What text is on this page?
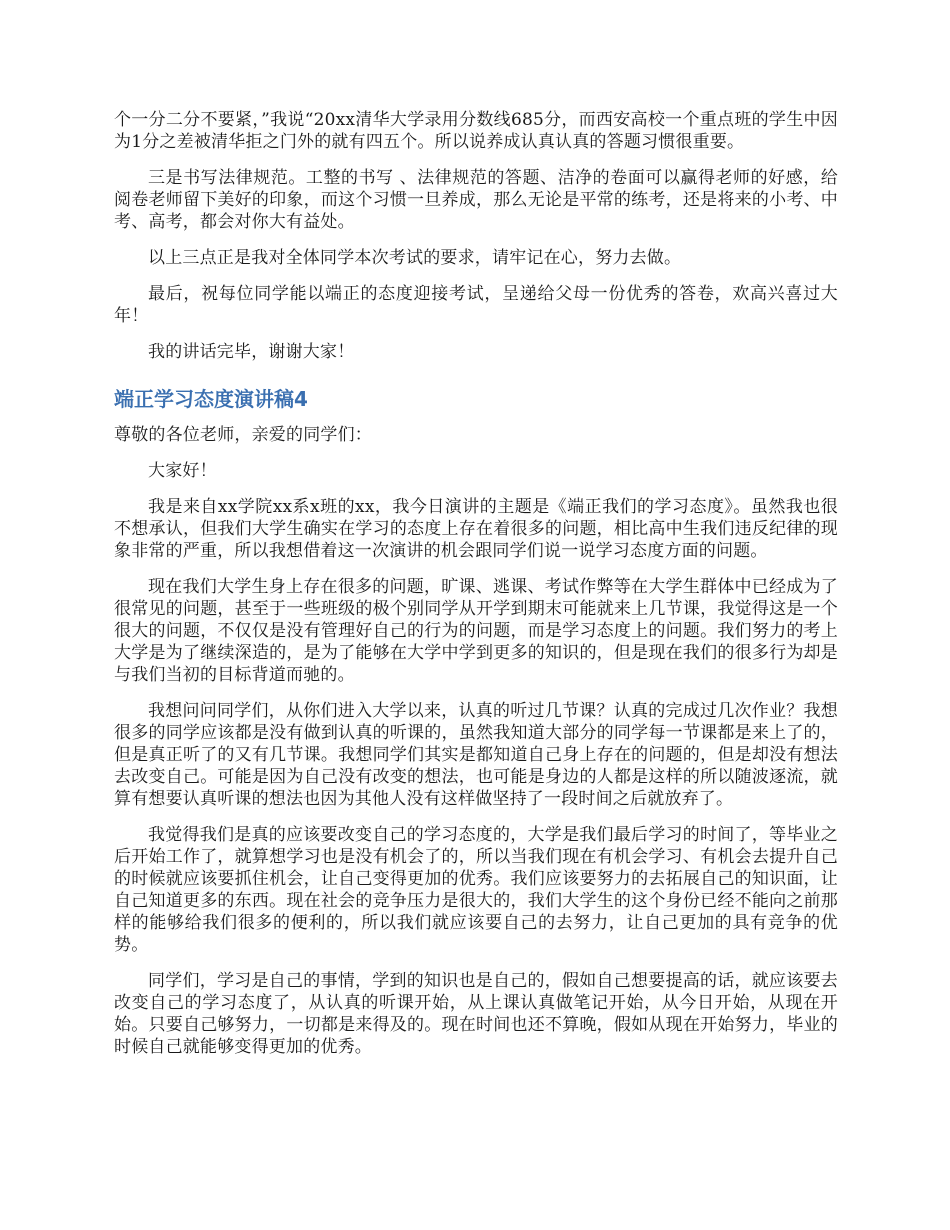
个一分二分不要紧，”我说“20xx清华大学录用分数线685分，而西安高校一个重点班的学生中因为1分之差被清华拒之门外的就有四五个。所以说养成认真认真的答题习惯很重要。

三是书写法律规范。工整的书写 、法律规范的答题、洁净的卷面可以赢得老师的好感，给阅卷老师留下美好的印象，而这个习惯一旦养成，那么无论是平常的练考，还是将来的小考、中考、高考，都会对你大有益处。

以上三点正是我对全体同学本次考试的要求，请牢记在心，努力去做。

最后，祝每位同学能以端正的态度迎接考试，呈递给父母一份优秀的答卷，欢高兴喜过大年！

我的讲话完毕，谢谢大家！

端正学习态度演讲稿4

尊敬的各位老师，亲爱的同学们：

大家好！

我是来自xx学院xx系x班的xx，我今日演讲的主题是《端正我们的学习态度》。虽然我也很不想承认，但我们大学生确实在学习的态度上存在着很多的问题，相比高中生我们违反纪律的现象非常的严重，所以我想借着这一次演讲的机会跟同学们说一说学习态度方面的问题。

现在我们大学生身上存在很多的问题，旷课、逃课、考试作弊等在大学生群体中已经成为了很常见的问题，甚至于一些班级的极个别同学从开学到期末可能就来上几节课，我觉得这是一个很大的问题，不仅仅是没有管理好自己的行为的问题，而是学习态度上的问题。我们努力的考上大学是为了继续深造的，是为了能够在大学中学到更多的知识的，但是现在我们的很多行为却是与我们当初的目标背道而驰的。

我想问问同学们，从你们进入大学以来，认真的听过几节课？认真的完成过几次作业？我想很多的同学应该都是没有做到认真的听课的，虽然我知道大部分的同学每一节课都是来上了的，但是真正听了的又有几节课。我想同学们其实是都知道自己身上存在的问题的，但是却没有想法去改变自己。可能是因为自己没有改变的想法，也可能是身边的人都是这样的所以随波逐流，就算有想要认真听课的想法也因为其他人没有这样做坚持了一段时间之后就放弃了。

我觉得我们是真的应该要改变自己的学习态度的，大学是我们最后学习的时间了，等毕业之后开始工作了，就算想学习也是没有机会了的，所以当我们现在有机会学习、有机会去提升自己的时候就应该要抓住机会，让自己变得更加的优秀。我们应该要努力的去拓展自己的知识面，让自己知道更多的东西。现在社会的竞争压力是很大的，我们大学生的这个身份已经不能向之前那样的能够给我们很多的便利的，所以我们就应该要自己的去努力，让自己更加的具有竞争的优势。

同学们，学习是自己的事情，学到的知识也是自己的，假如自己想要提高的话，就应该要去改变自己的学习态度了，从认真的听课开始，从上课认真做笔记开始，从今日开始，从现在开始。只要自己够努力，一切都是来得及的。现在时间也还不算晚，假如从现在开始努力，毕业的时候自己就能够变得更加的优秀。
